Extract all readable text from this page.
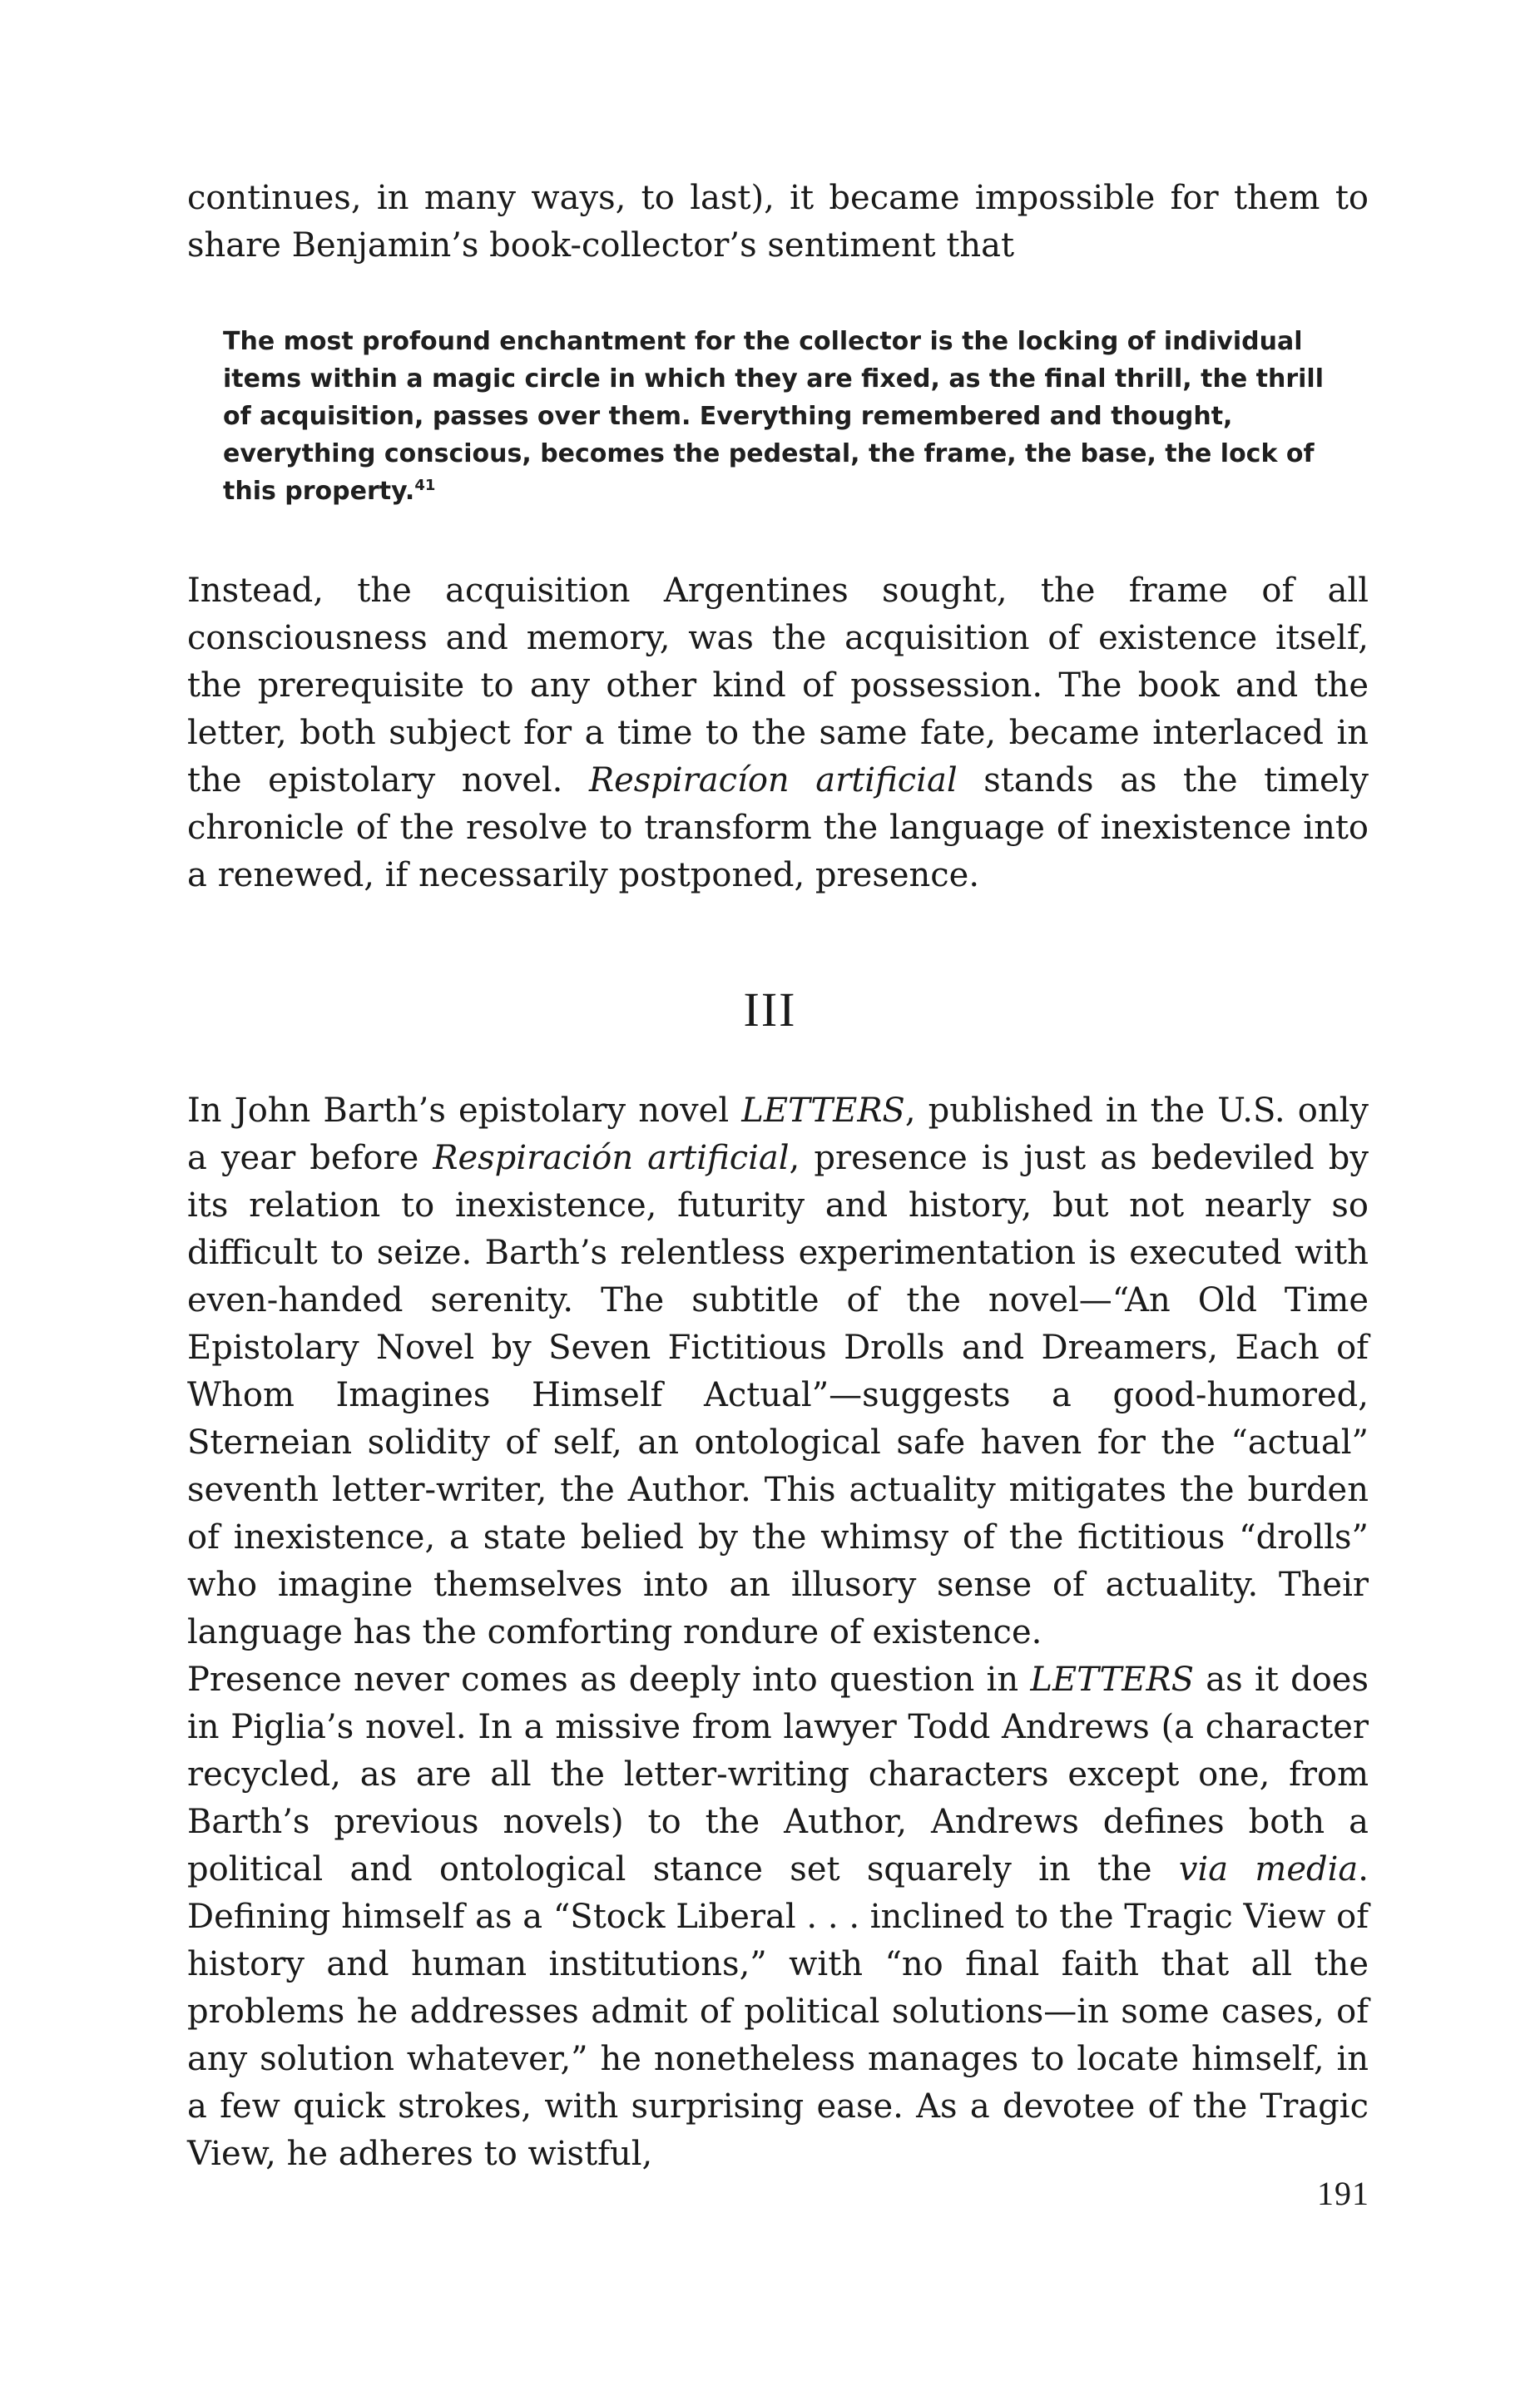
continues, in many ways, to last), it became impossible for them to share Benjamin’s book-collector’s sentiment that

The most profound enchantment for the collector is the locking of individual items within a magic circle in which they are fixed, as the final thrill, the thrill of acquisition, passes over them. Everything remembered and thought, everything conscious, becomes the pedestal, the frame, the base, the lock of this property.$^{41}$

Instead, the acquisition Argentines sought, the frame of all consciousness and memory, was the acquisition of existence itself, the prerequisite to any other kind of possession. The book and the letter, both subject for a time to the same fate, became interlaced in the epistolary novel. Respiracíon artificial stands as the timely chronicle of the resolve to transform the language of inexistence into a renewed, if necessarily postponed, presence.

III

In John Barth’s epistolary novel LETTERS, published in the U.S. only a year before Respiración artificial, presence is just as bedeviled by its relation to inexistence, futurity and history, but not nearly so difficult to seize. Barth’s relentless experimentation is executed with even-handed serenity. The subtitle of the novel—“An Old Time Epistolary Novel by Seven Fictitious Drolls and Dreamers, Each of Whom Imagines Himself Actual”—suggests a good-humored, Sterneian solidity of self, an ontological safe haven for the “actual” seventh letter-writer, the Author. This actuality mitigates the burden of inexistence, a state belied by the whimsy of the fictitious “drolls” who imagine themselves into an illusory sense of actuality. Their language has the comforting rondure of existence.

Presence never comes as deeply into question in LETTERS as it does in Piglia’s novel. In a missive from lawyer Todd Andrews (a character recycled, as are all the letter-writing characters except one, from Barth’s previous novels) to the Author, Andrews defines both a political and ontological stance set squarely in the via media. Defining himself as a “Stock Liberal . . . inclined to the Tragic View of history and human institutions,” with “no final faith that all the problems he addresses admit of political solutions—in some cases, of any solution whatever,” he nonetheless manages to locate himself, in a few quick strokes, with surprising ease. As a devotee of the Tragic View, he adheres to wistful,

191
